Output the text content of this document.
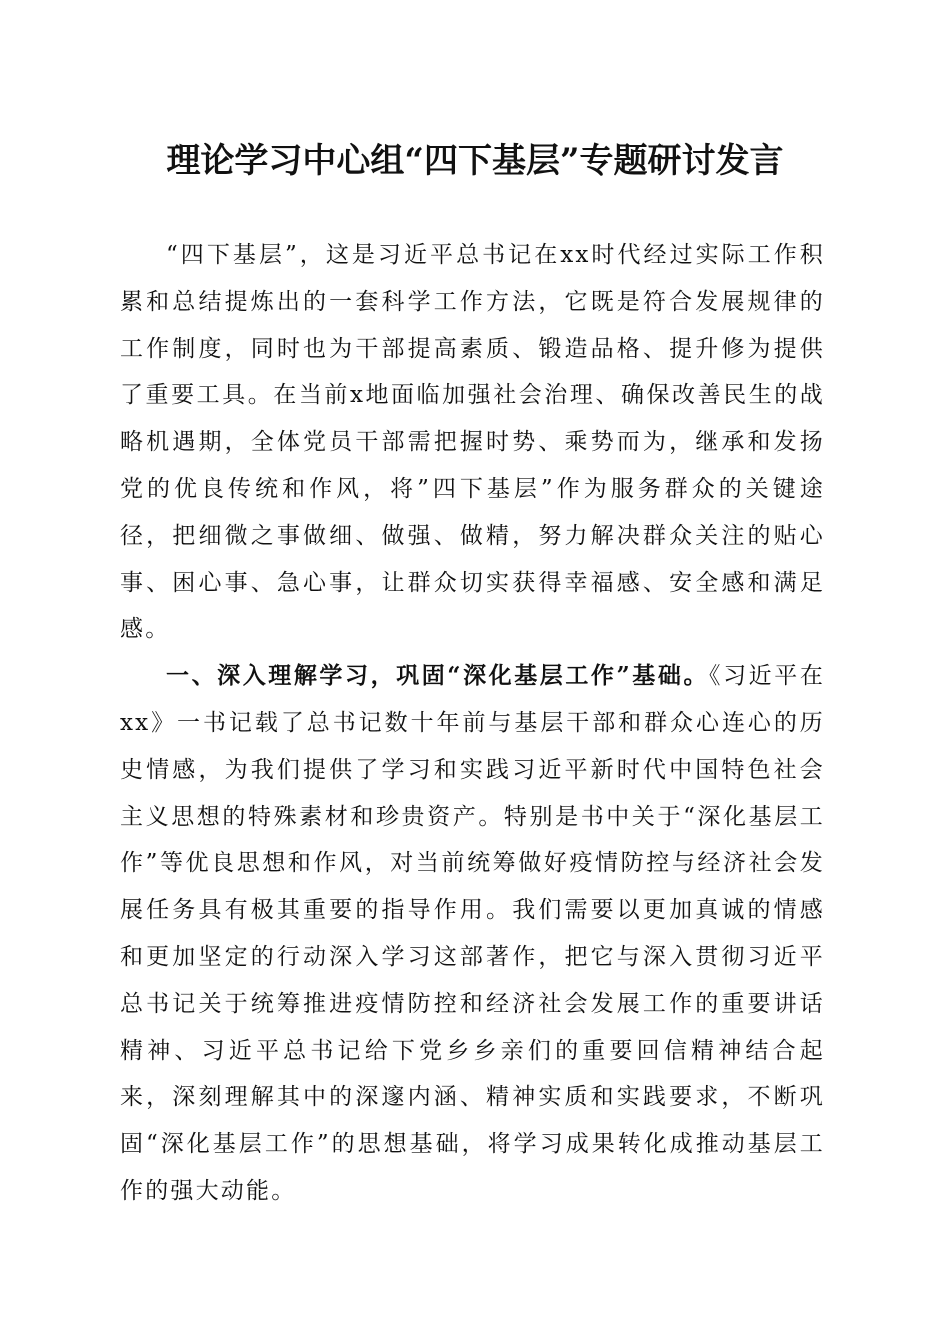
理论学习中心组“四下基层”专题研讨发言

“四下基层”，这是习近平总书记在xx时代经过实际工作积累和总结提炼出的一套科学工作方法，它既是符合发展规律的工作制度，同时也为干部提高素质、锻造品格、提升修为提供了重要工具。在当前x地面临加强社会治理、确保改善民生的战略机遇期，全体党员干部需把握时势、乘势而为，继承和发扬党的优良传统和作风，将”四下基层”作为服务群众的关键途径，把细微之事做细、做强、做精，努力解决群众关注的贴心事、困心事、急心事，让群众切实获得幸福感、安全感和满足感。

一、深入理解学习，巩固“深化基层工作”基础。《习近平在xx》一书记载了总书记数十年前与基层干部和群众心连心的历史情感，为我们提供了学习和实践习近平新时代中国特色社会主义思想的特殊素材和珍贵资产。特别是书中关于“深化基层工作”等优良思想和作风，对当前统筹做好疫情防控与经济社会发展任务具有极其重要的指导作用。我们需要以更加真诚的情感和更加坚定的行动深入学习这部著作，把它与深入贯彻习近平总书记关于统筹推进疫情防控和经济社会发展工作的重要讲话精神、习近平总书记给下党乡乡亲们的重要回信精神结合起来，深刻理解其中的深邃内涵、精神实质和实践要求，不断巩固“深化基层工作”的思想基础，将学习成果转化成推动基层工作的强大动能。
